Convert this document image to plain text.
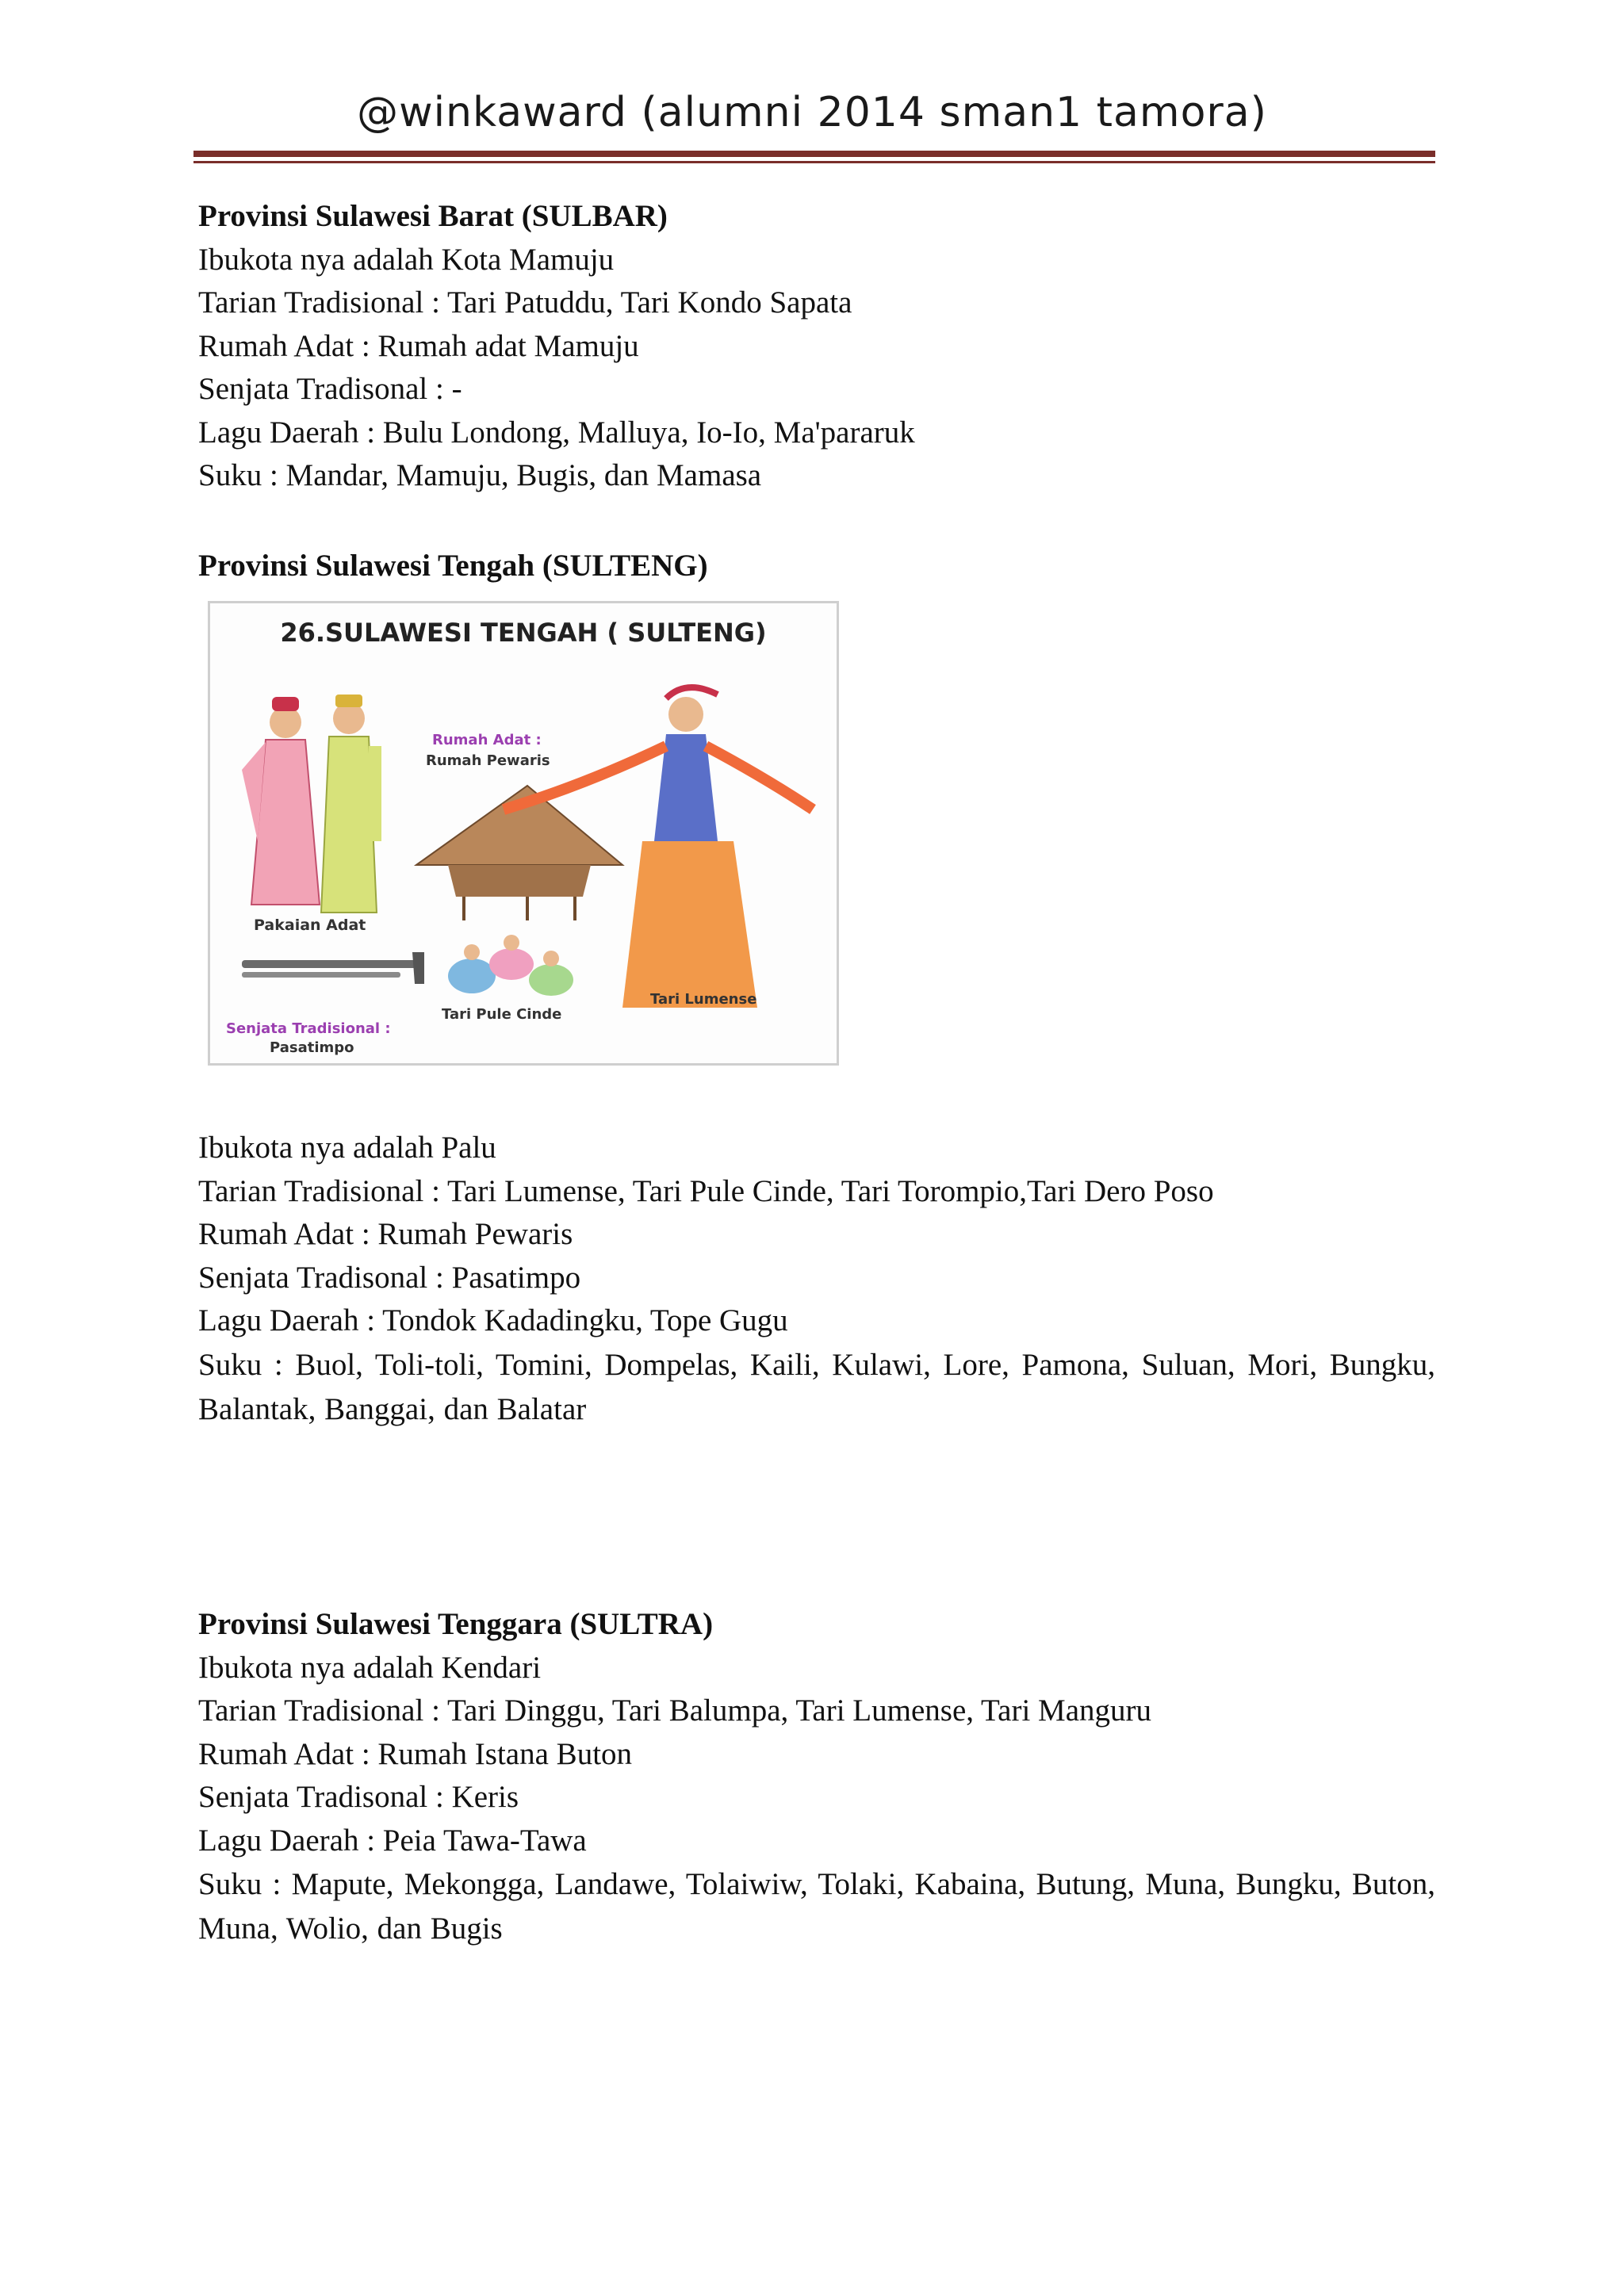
@winkaward (alumni 2014 sman1 tamora)
Provinsi Sulawesi Barat (SULBAR)
Ibukota nya adalah Kota Mamuju
Tarian Tradisional : Tari Patuddu, Tari Kondo Sapata
Rumah Adat : Rumah adat Mamuju
Senjata Tradisonal : -
Lagu Daerah : Bulu Londong, Malluya, Io-Io, Ma'pararuk
Suku : Mandar, Mamuju, Bugis, dan Mamasa
Provinsi Sulawesi Tengah (SULTENG)
26.SULAWESI TENGAH ( SULTENG)
Pakaian Adat
Senjata Tradisional :
Pasatimpo
Rumah Adat :
Rumah Pewaris
Tari Pule Cinde
Tari Lumense
Ibukota nya adalah Palu
Tarian Tradisional : Tari Lumense, Tari Pule Cinde, Tari Torompio,Tari Dero Poso
Rumah Adat : Rumah Pewaris
Senjata Tradisonal : Pasatimpo
Lagu Daerah : Tondok Kadadingku, Tope Gugu
Suku : Buol, Toli-toli, Tomini, Dompelas, Kaili, Kulawi, Lore, Pamona, Suluan, Mori, Bungku, Balantak, Banggai, dan Balatar
Provinsi Sulawesi Tenggara (SULTRA)
Ibukota nya adalah Kendari
Tarian Tradisional : Tari Dinggu, Tari Balumpa, Tari Lumense, Tari Manguru
Rumah Adat : Rumah Istana Buton
Senjata Tradisonal : Keris
Lagu Daerah : Peia Tawa-Tawa
Suku : Mapute, Mekongga, Landawe, Tolaiwiw, Tolaki, Kabaina, Butung, Muna, Bungku, Buton, Muna, Wolio, dan Bugis
